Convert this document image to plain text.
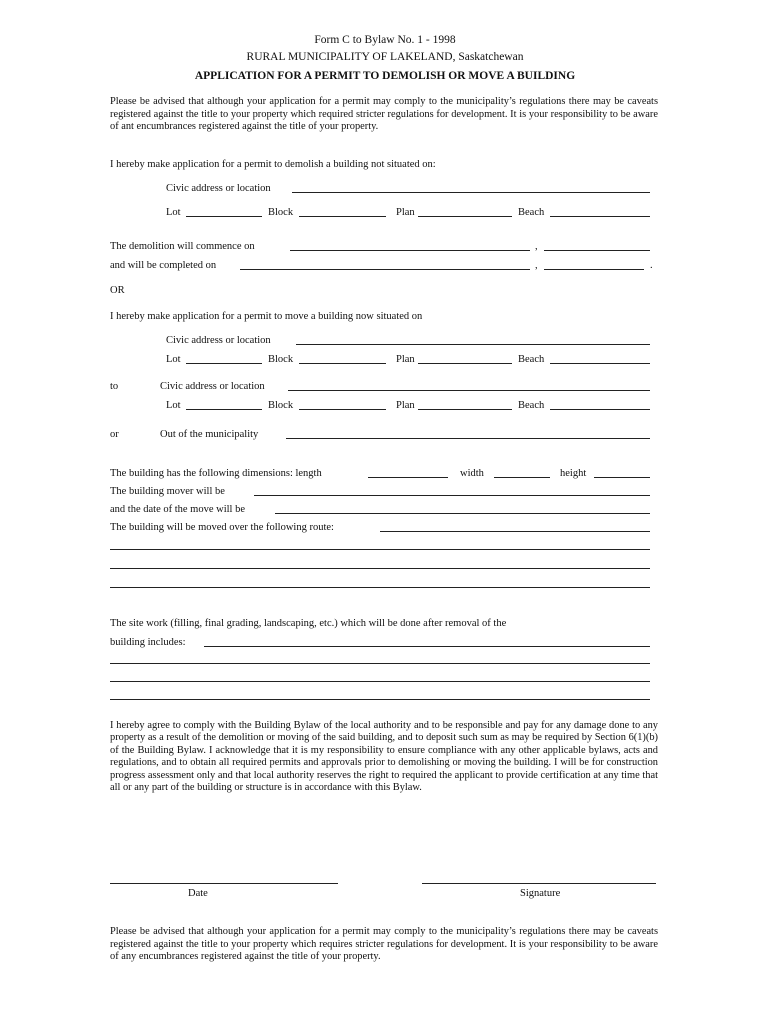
Form C to Bylaw No. 1 - 1998
RURAL MUNICIPALITY OF LAKELAND, Saskatchewan
APPLICATION FOR A PERMIT TO DEMOLISH OR MOVE A BUILDING
Please be advised that although your application for a permit may comply to the municipality’s regulations there may be caveats registered against the title to your property which required stricter regulations for development. It is your responsibility to be aware of ant encumbrances registered against the title of your property.
I hereby make application for a permit to demolish a building not situated on:
Civic address or location
Lot	Block	Plan	Beach
The demolition will commence on	,
and will be completed on	,	.
OR
I hereby make application for a permit to move a building now situated on
Civic address or location
Lot	Block	Plan	Beach
to	Civic address or location
Lot	Block	Plan	Beach
or	Out of the municipality
The building has the following dimensions: length	width	height
The building mover will be
and the date of the move will be
The building will be moved over the following route:
The site work (filling, final grading, landscaping, etc.) which will be done after removal of the
building includes:
I hereby agree to comply with the Building Bylaw of the local authority and to be responsible and pay for any damage done to any property as a result of the demolition or moving of the said building, and to deposit such sum as may be required by Section 6(1)(b) of the Building Bylaw. I acknowledge that it is my responsibility to ensure compliance with any other applicable bylaws, acts and regulations, and to obtain all required permits and approvals prior to demolishing or moving the building. I will be for construction progress assessment only and that local authority reserves the right to required the applicant to provide certification at any time that all or any part of the building or structure is in accordance with this Bylaw.
Date	Signature
Please be advised that although your application for a permit may comply to the municipality’s regulations there may be caveats registered against the title to your property which requires stricter regulations for development. It is your responsibility to be aware of any encumbrances registered against the title of your property.
